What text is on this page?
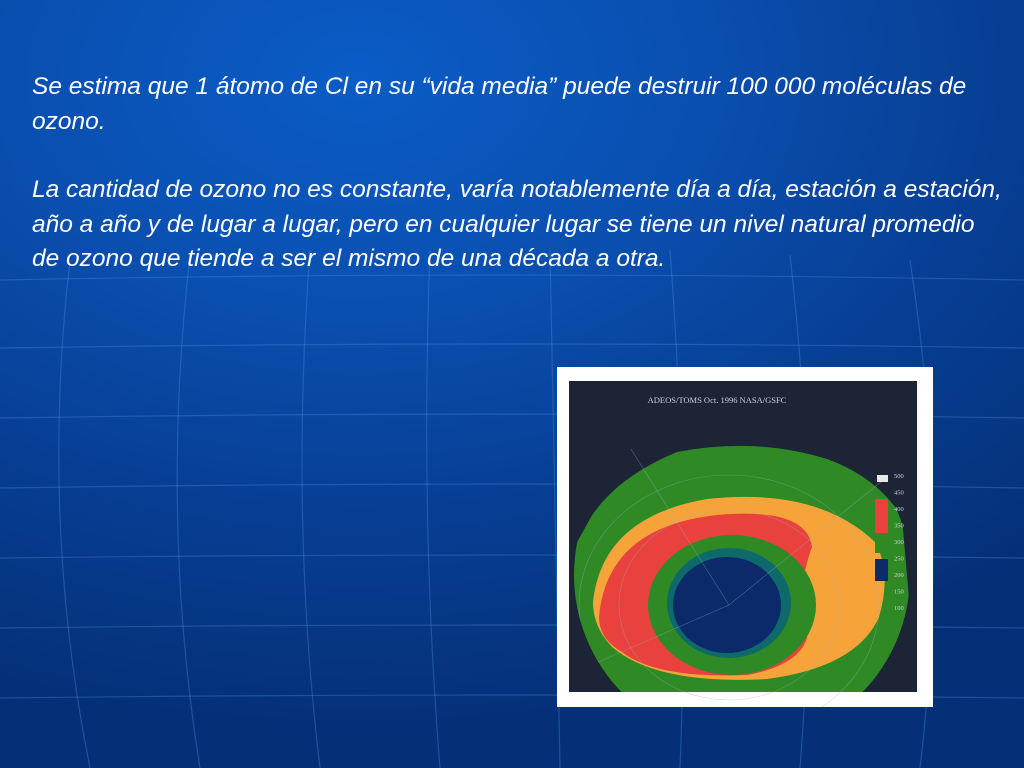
Se estima que 1 átomo de Cl en su “vida media” puede destruir 100 000 moléculas de ozono.

La cantidad de ozono no es constante, varía notablemente día a día, estación a estación, año a año y de lugar a lugar, pero en cualquier lugar se tiene un nivel natural promedio de ozono que tiende a ser el mismo de una década a otra.

ADEOS/TOMS Oct. 1996 NASA/GSFC
500
450
400
350
300
250
200
150
100
